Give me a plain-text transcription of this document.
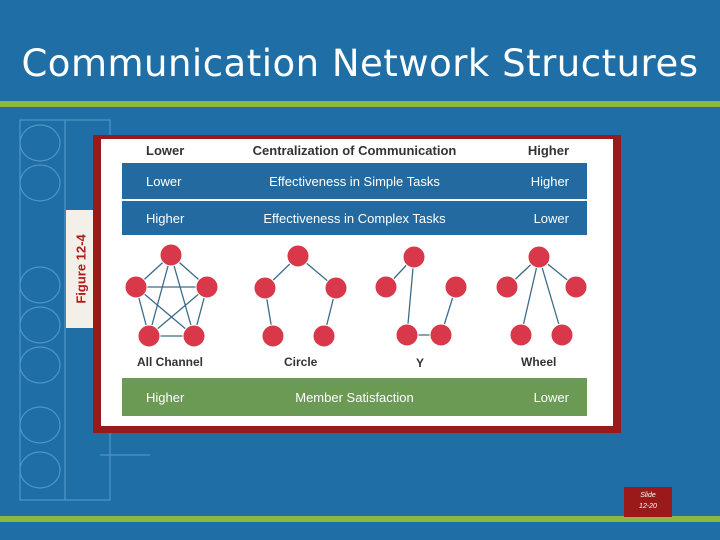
Communication Network Structures
Figure 12-4
Lower	Centralization of Communication	Higher
Lower	Effectiveness in Simple Tasks	Higher
Higher	Effectiveness in Complex Tasks	Lower
Higher	Member Satisfaction	Lower
All Channel	Circle	Y	Wheel
Slide
12-20
